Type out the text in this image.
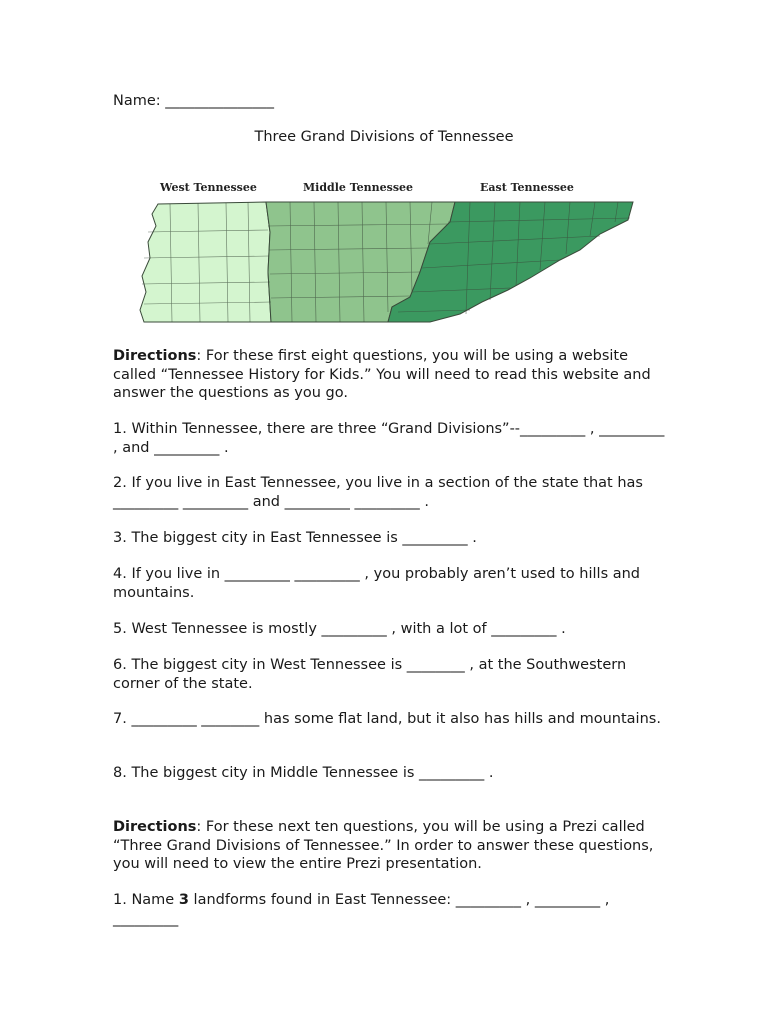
Name: _______________
Three Grand Divisions of Tennessee
West Tennessee	Middle Tennessee	East Tennessee
Directions: For these first eight questions, you will be using a website called “Tennessee History for Kids.” You will need to read this website and answer the questions as you go.
1. Within Tennessee, there are three “Grand Divisions”--_________ , _________ , and _________ .
2. If you live in East Tennessee, you live in a section of the state that has _________ _________ and _________ _________ .
3. The biggest city in East Tennessee is _________ .
4. If you live in _________ _________ , you probably aren’t used to hills and mountains.
5. West Tennessee is mostly _________ , with a lot of _________ .
6. The biggest city in West Tennessee is ________ , at the Southwestern corner of the state.
7. _________ ________ has some flat land, but it also has hills and mountains.
8. The biggest city in Middle Tennessee is _________ .
Directions: For these next ten questions, you will be using a Prezi called “Three Grand Divisions of Tennessee.” In order to answer these questions, you will need to view the entire Prezi presentation.
1. Name 3 landforms found in East Tennessee: _________ , _________ , _________
